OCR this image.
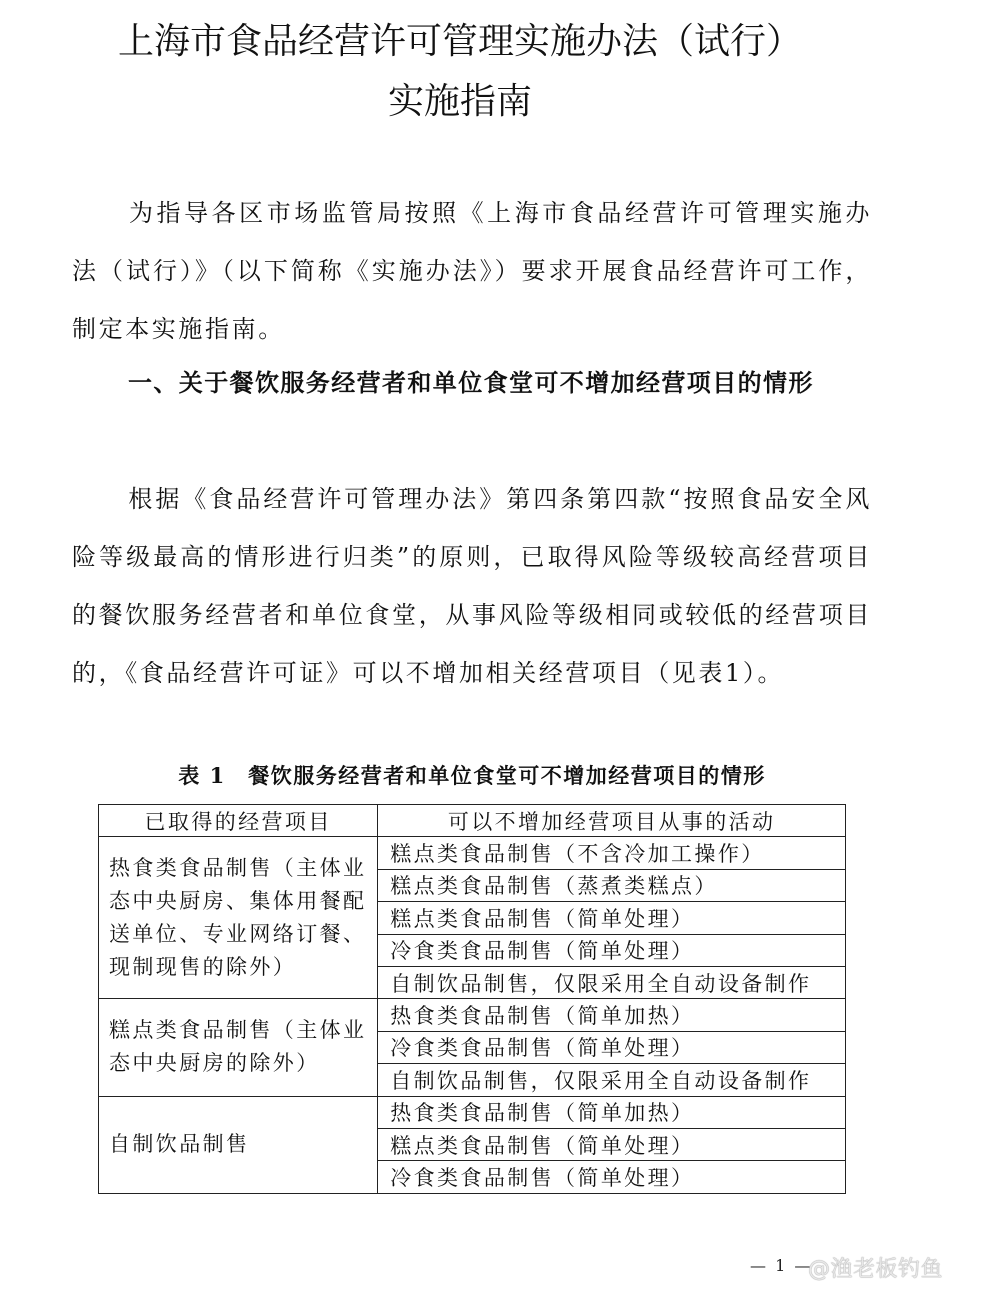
上海市食品经营许可管理实施办法（试行）
实施指南

为指导各区市场监管局按照《上海市食品经营许可管理实施办法（试行）》（以下简称《实施办法》）要求开展食品经营许可工作，制定本实施指南。

一、关于餐饮服务经营者和单位食堂可不增加经营项目的情形

根据《食品经营许可管理办法》第四条第四款“按照食品安全风险等级最高的情形进行归类”的原则，已取得风险等级较高经营项目的餐饮服务经营者和单位食堂，从事风险等级相同或较低的经营项目的，《食品经营许可证》可以不增加相关经营项目（见表1）。

表 1　餐饮服务经营者和单位食堂可不增加经营项目的情形

已取得的经营项目	可以不增加经营项目从事的活动
热食类食品制售（主体业态中央厨房、集体用餐配送单位、专业网络订餐、现制现售的除外）	糕点类食品制售（不含冷加工操作）
	糕点类食品制售（蒸煮类糕点）
	糕点类食品制售（简单处理）
	冷食类食品制售（简单处理）
	自制饮品制售，仅限采用全自动设备制作
糕点类食品制售（主体业态中央厨房的除外）	热食类食品制售（简单加热）
	冷食类食品制售（简单处理）
	自制饮品制售，仅限采用全自动设备制作
自制饮品制售	热食类食品制售（简单加热）
	糕点类食品制售（简单处理）
	冷食类食品制售（简单处理）
— 1 —
@渔老板钓鱼
